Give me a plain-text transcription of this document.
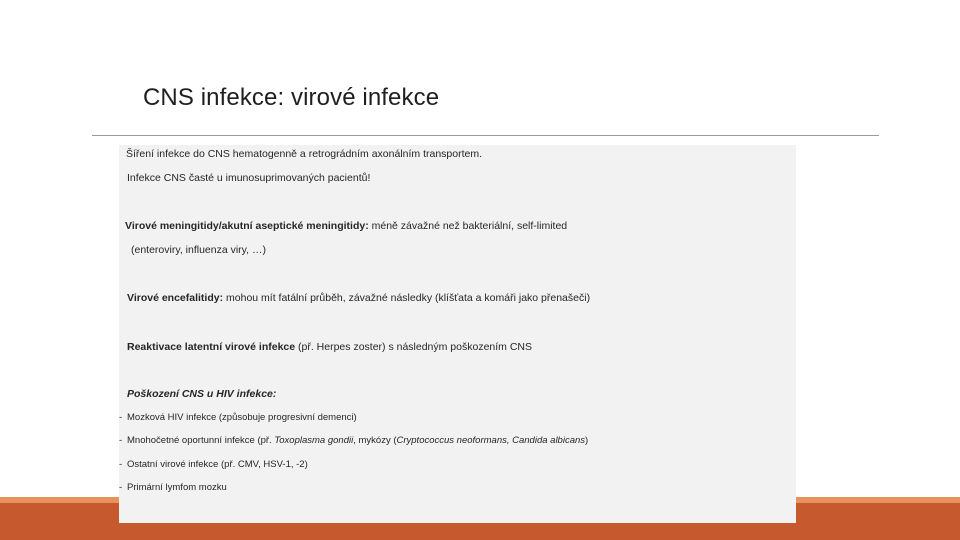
CNS infekce: virové infekce
Šíření infekce do CNS hematogenně a retrográdním axonálním transportem.
Infekce CNS časté u imunosuprimovaných pacientů!
Virové meningitidy/akutní aseptické meningitidy: méně závažné než bakteriální, self-limited
(enteroviry, influenza viry, …)
Virové encefalitidy: mohou mít fatální průběh, závažné následky (klíšťata a komáři jako přenašeči)
Reaktivace latentní virové infekce (př. Herpes zoster) s následným poškozením CNS
Poškození CNS u HIV infekce:
- Mozková HIV infekce (způsobuje progresivní demenci)
- Mnohočetné oportunní infekce (př. Toxoplasma gondii, mykózy (Cryptococcus neoformans, Candida albicans)
- Ostatní virové infekce (př. CMV, HSV-1, -2)
- Primární lymfom mozku
